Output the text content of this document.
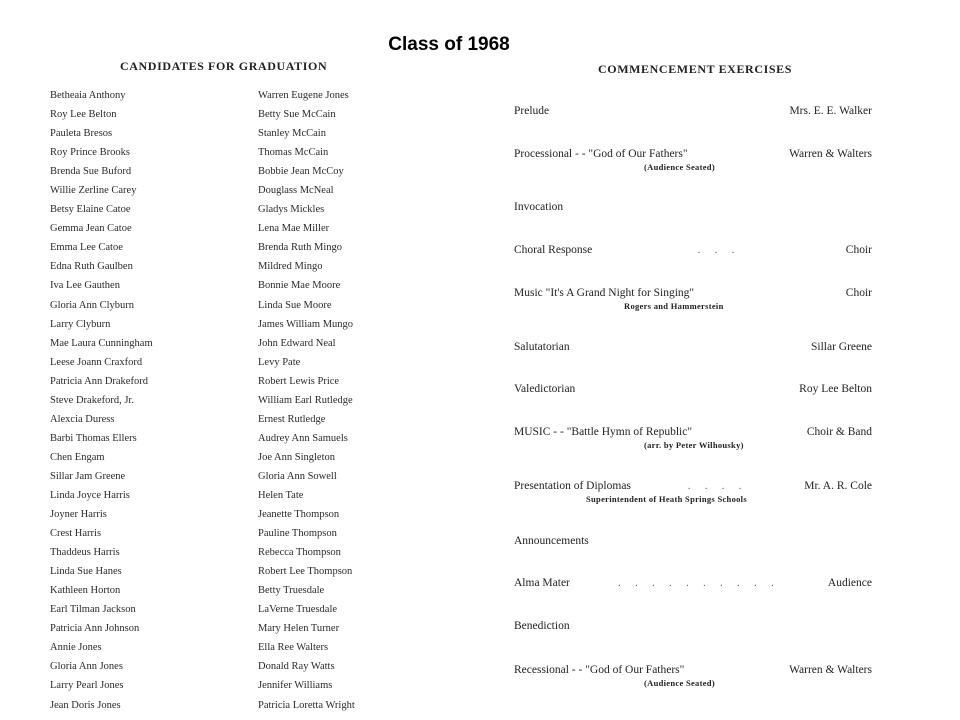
Class of 1968
CANDIDATES FOR GRADUATION	COMMENCEMENT EXERCISES
Betheaia Anthony
Roy Lee Belton
Pauleta Bresos
Roy Prince Brooks
Brenda Sue Buford
Willie Zerline Carey
Betsy Elaine Catoe
Gemma Jean Catoe
Emma Lee Catoe
Edna Ruth Gaulben
Iva Lee Gauthen
Gloria Ann Clyburn
Larry Clyburn
Mae Laura Cunningham
Leese Joann Craxford
Patricia Ann Drakeford
Steve Drakeford, Jr.
Alexcia Duress
Barbi Thomas Ellers
Chen Engam
Sillar Jam Greene
Linda Joyce Harris
Joyner Harris
Crest Harris
Thaddeus Harris
Linda Sue Hanes
Kathleen Horton
Earl Tilman Jackson
Patricia Ann Johnson
Annie Jones
Gloria Ann Jones
Larry Pearl Jones
Jean Doris Jones
Warren Eugene Jones
Betty Sue McCain
Stanley McCain
Thomas McCain
Bobbie Jean McCoy
Douglass McNeal
Gladys Mickles
Lena Mae Miller
Brenda Ruth Mingo
Mildred Mingo
Bonnie Mae Moore
Linda Sue Moore
James William Mungo
John Edward Neal
Levy Pate
Robert Lewis Price
William Earl Rutledge
Ernest Rutledge
Audrey Ann Samuels
Joe Ann Singleton
Gloria Ann Sowell
Helen Tate
Jeanette Thompson
Pauline Thompson
Rebecca Thompson
Robert Lee Thompson
Betty Truesdale
LaVerne Truesdale
Mary Helen Turner
Ella Ree Walters
Donald Ray Watts
Jennifer Williams
Patricia Loretta Wright
Prelude	Mrs. E. E. Walker
Processional - - "God of Our Fathers"	Warren & Walters
(Audience Seated)
Invocation
Choral Response	. . .	Choir
Music "It's A Grand Night for Singing"	Choir
Rogers and Hammerstein
Salutatorian	Sillar Greene
Valedictorian	Roy Lee Belton
MUSIC - - "Battle Hymn of Republic"	Choir & Band
(arr. by Peter Wilhousky)
Presentation of Diplomas	. . . .	Mr. A. R. Cole
Superintendent of Heath Springs Schools
Announcements
Alma Mater	. . . . . . . . . .	Audience
Benediction
Recessional - - "God of Our Fathers"	Warren & Walters
(Audience Seated)
